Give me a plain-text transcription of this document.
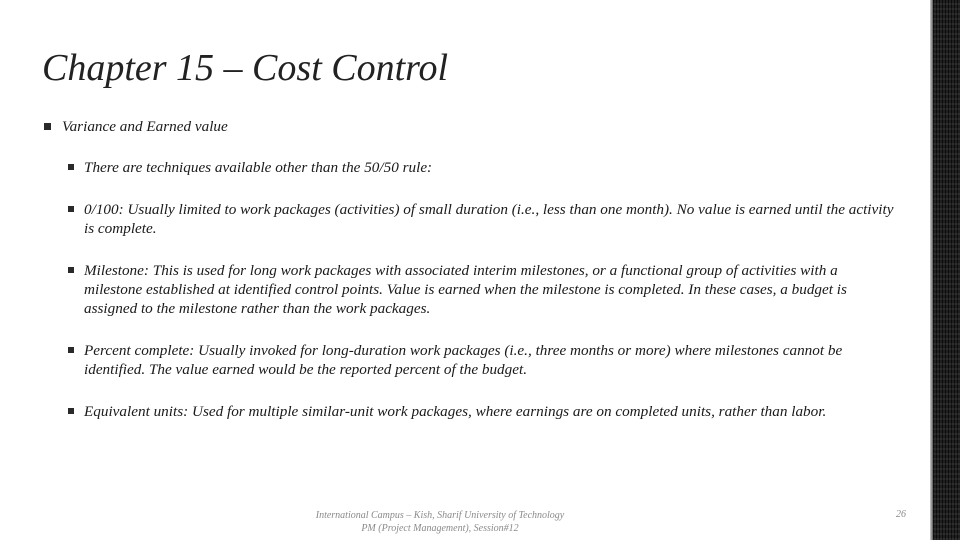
Chapter 15 – Cost Control
Variance and Earned value
There are techniques available other than the 50/50 rule:
0/100: Usually limited to work packages (activities) of small duration (i.e., less than one month). No value is earned until the activity is complete.
Milestone: This is used for long work packages with associated interim milestones, or a functional group of activities with a milestone established at identified control points. Value is earned when the milestone is completed. In these cases, a budget is assigned to the milestone rather than the work packages.
Percent complete: Usually invoked for long-duration work packages (i.e., three months or more) where milestones cannot be identified. The value earned would be the reported percent of the budget.
Equivalent units: Used for multiple similar-unit work packages, where earnings are on completed units, rather than labor.
International Campus – Kish, Sharif University of Technology
PM (Project Management), Session#12
26
